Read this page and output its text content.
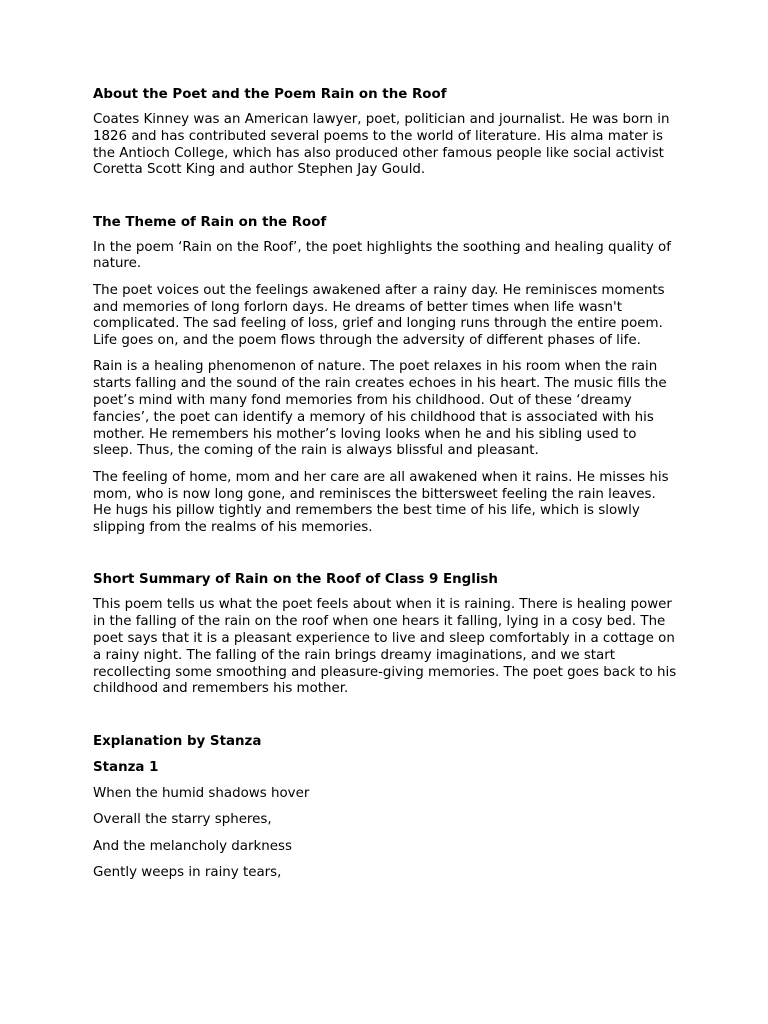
About the Poet and the Poem Rain on the Roof
Coates Kinney was an American lawyer, poet, politician and journalist. He was born in 1826 and has contributed several poems to the world of literature. His alma mater is the Antioch College, which has also produced other famous people like social activist Coretta Scott King and author Stephen Jay Gould.
The Theme of Rain on the Roof
In the poem ‘Rain on the Roof’, the poet highlights the soothing and healing quality of nature.
The poet voices out the feelings awakened after a rainy day. He reminisces moments and memories of long forlorn days. He dreams of better times when life wasn't complicated. The sad feeling of loss, grief and longing runs through the entire poem. Life goes on, and the poem flows through the adversity of different phases of life.
Rain is a healing phenomenon of nature. The poet relaxes in his room when the rain starts falling and the sound of the rain creates echoes in his heart. The music fills the poet’s mind with many fond memories from his childhood. Out of these ‘dreamy fancies’, the poet can identify a memory of his childhood that is associated with his mother. He remembers his mother’s loving looks when he and his sibling used to sleep. Thus, the coming of the rain is always blissful and pleasant.
The feeling of home, mom and her care are all awakened when it rains. He misses his mom, who is now long gone, and reminisces the bittersweet feeling the rain leaves. He hugs his pillow tightly and remembers the best time of his life, which is slowly slipping from the realms of his memories.
Short Summary of Rain on the Roof of Class 9 English
This poem tells us what the poet feels about when it is raining. There is healing power in the falling of the rain on the roof when one hears it falling, lying in a cosy bed. The poet says that it is a pleasant experience to live and sleep comfortably in a cottage on a rainy night. The falling of the rain brings dreamy imaginations, and we start recollecting some smoothing and pleasure-giving memories. The poet goes back to his childhood and remembers his mother.
Explanation by Stanza
Stanza 1
When the humid shadows hover
Overall the starry spheres,
And the melancholy darkness
Gently weeps in rainy tears,
